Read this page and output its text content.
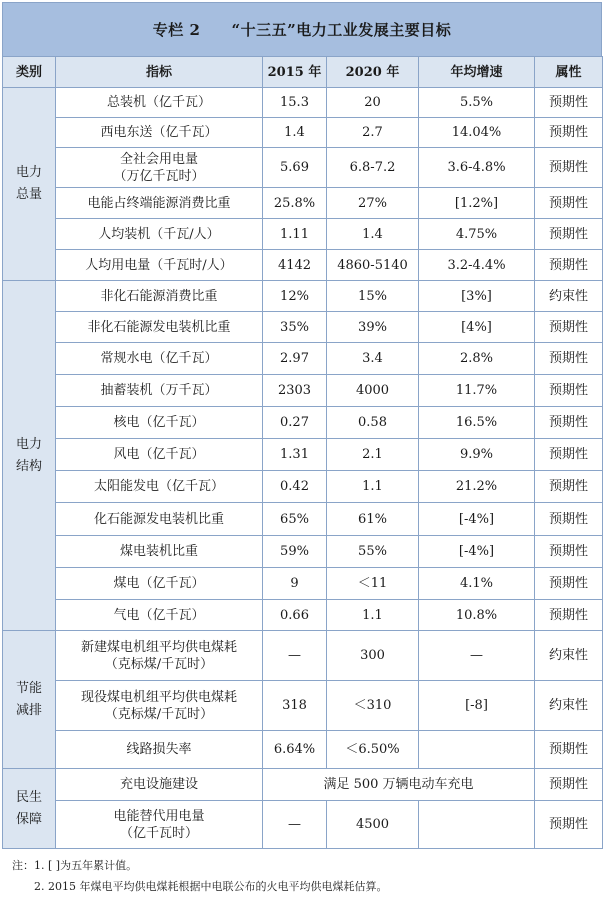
专栏 2　　“十三五”电力工业发展主要目标
类别	指标	2015 年	2020 年	年均增速	属性
电力
总量	总装机（亿千瓦）	15.3	20	5.5%	预期性
	西电东送（亿千瓦）	1.4	2.7	14.04%	预期性
	全社会用电量
（万亿千瓦时）	5.69	6.8-7.2	3.6-4.8%	预期性
	电能占终端能源消费比重	25.8%	27%	[1.2%]	预期性
	人均装机（千瓦/人）	1.11	1.4	4.75%	预期性
	人均用电量（千瓦时/人）	4142	4860-5140	3.2-4.4%	预期性
电力
结构	非化石能源消费比重	12%	15%	[3%]	约束性
	非化石能源发电装机比重	35%	39%	[4%]	预期性
	常规水电（亿千瓦）	2.97	3.4	2.8%	预期性
	抽蓄装机（万千瓦）	2303	4000	11.7%	预期性
	核电（亿千瓦）	0.27	0.58	16.5%	预期性
	风电（亿千瓦）	1.31	2.1	9.9%	预期性
	太阳能发电（亿千瓦）	0.42	1.1	21.2%	预期性
	化石能源发电装机比重	65%	61%	[-4%]	预期性
	煤电装机比重	59%	55%	[-4%]	预期性
	煤电（亿千瓦）	9	＜11	4.1%	预期性
	气电（亿千瓦）	0.66	1.1	10.8%	预期性
节能
减排	新建煤电机组平均供电煤耗
（克标煤/千瓦时）	—	300	—	约束性
	现役煤电机组平均供电煤耗
（克标煤/千瓦时）	318	＜310	[-8]	约束性
	线路损失率	6.64%	＜6.50%		预期性
民生
保障	充电设施建设	满足 500 万辆电动车充电			预期性
	电能替代用电量
（亿千瓦时）	—	4500		预期性
注：1. [ ]为五年累计值。
2. 2015 年煤电平均供电煤耗根据中电联公布的火电平均供电煤耗估算。
